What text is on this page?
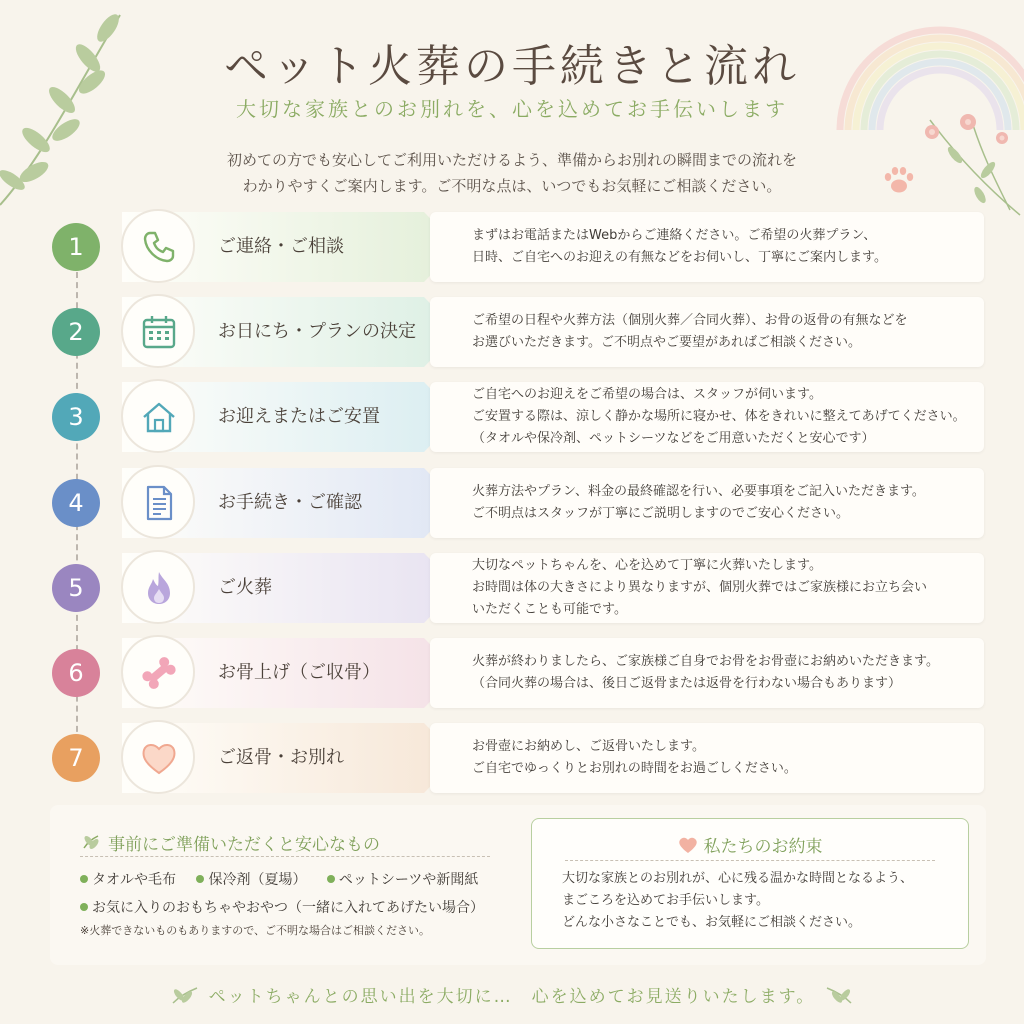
ペット火葬の手続きと流れ
大切な家族とのお別れを、心を込めてお手伝いします
初めての方でも安心してご利用いただけるよう、準備からお別れの瞬間までの流れを
わかりやすくご案内します。ご不明な点は、いつでもお気軽にご相談ください。
1	ご連絡・ご相談
まずはお電話またはWebからご連絡ください。ご希望の火葬プラン、
日時、ご自宅へのお迎えの有無などをお伺いし、丁寧にご案内します。
2	お日にち・プランの決定
ご希望の日程や火葬方法（個別火葬／合同火葬）、お骨の返骨の有無などを
お選びいただきます。ご不明点やご要望があればご相談ください。
3	お迎えまたはご安置
ご自宅へのお迎えをご希望の場合は、スタッフが伺います。
ご安置する際は、涼しく静かな場所に寝かせ、体をきれいに整えてあげてください。
（タオルや保冷剤、ペットシーツなどをご用意いただくと安心です）
4	お手続き・ご確認
火葬方法やプラン、料金の最終確認を行い、必要事項をご記入いただきます。
ご不明点はスタッフが丁寧にご説明しますのでご安心ください。
5	ご火葬
大切なペットちゃんを、心を込めて丁寧に火葬いたします。
お時間は体の大きさにより異なりますが、個別火葬ではご家族様にお立ち会い
いただくことも可能です。
6	お骨上げ（ご収骨）
火葬が終わりましたら、ご家族様ご自身でお骨をお骨壺にお納めいただきます。
（合同火葬の場合は、後日ご返骨または返骨を行わない場合もあります）
7	ご返骨・お別れ
お骨壺にお納めし、ご返骨いたします。
ご自宅でゆっくりとお別れの時間をお過ごしください。
事前にご準備いただくと安心なもの
タオルや毛布 保冷剤（夏場） ペットシーツや新聞紙
お気に入りのおもちゃやおやつ（一緒に入れてあげたい場合）
※火葬できないものもありますので、ご不明な場合はご相談ください。
私たちのお約束
大切な家族とのお別れが、心に残る温かな時間となるよう、
まごころを込めてお手伝いします。
どんな小さなことでも、お気軽にご相談ください。
ペットちゃんとの思い出を大切に…　心を込めてお見送りいたします。
